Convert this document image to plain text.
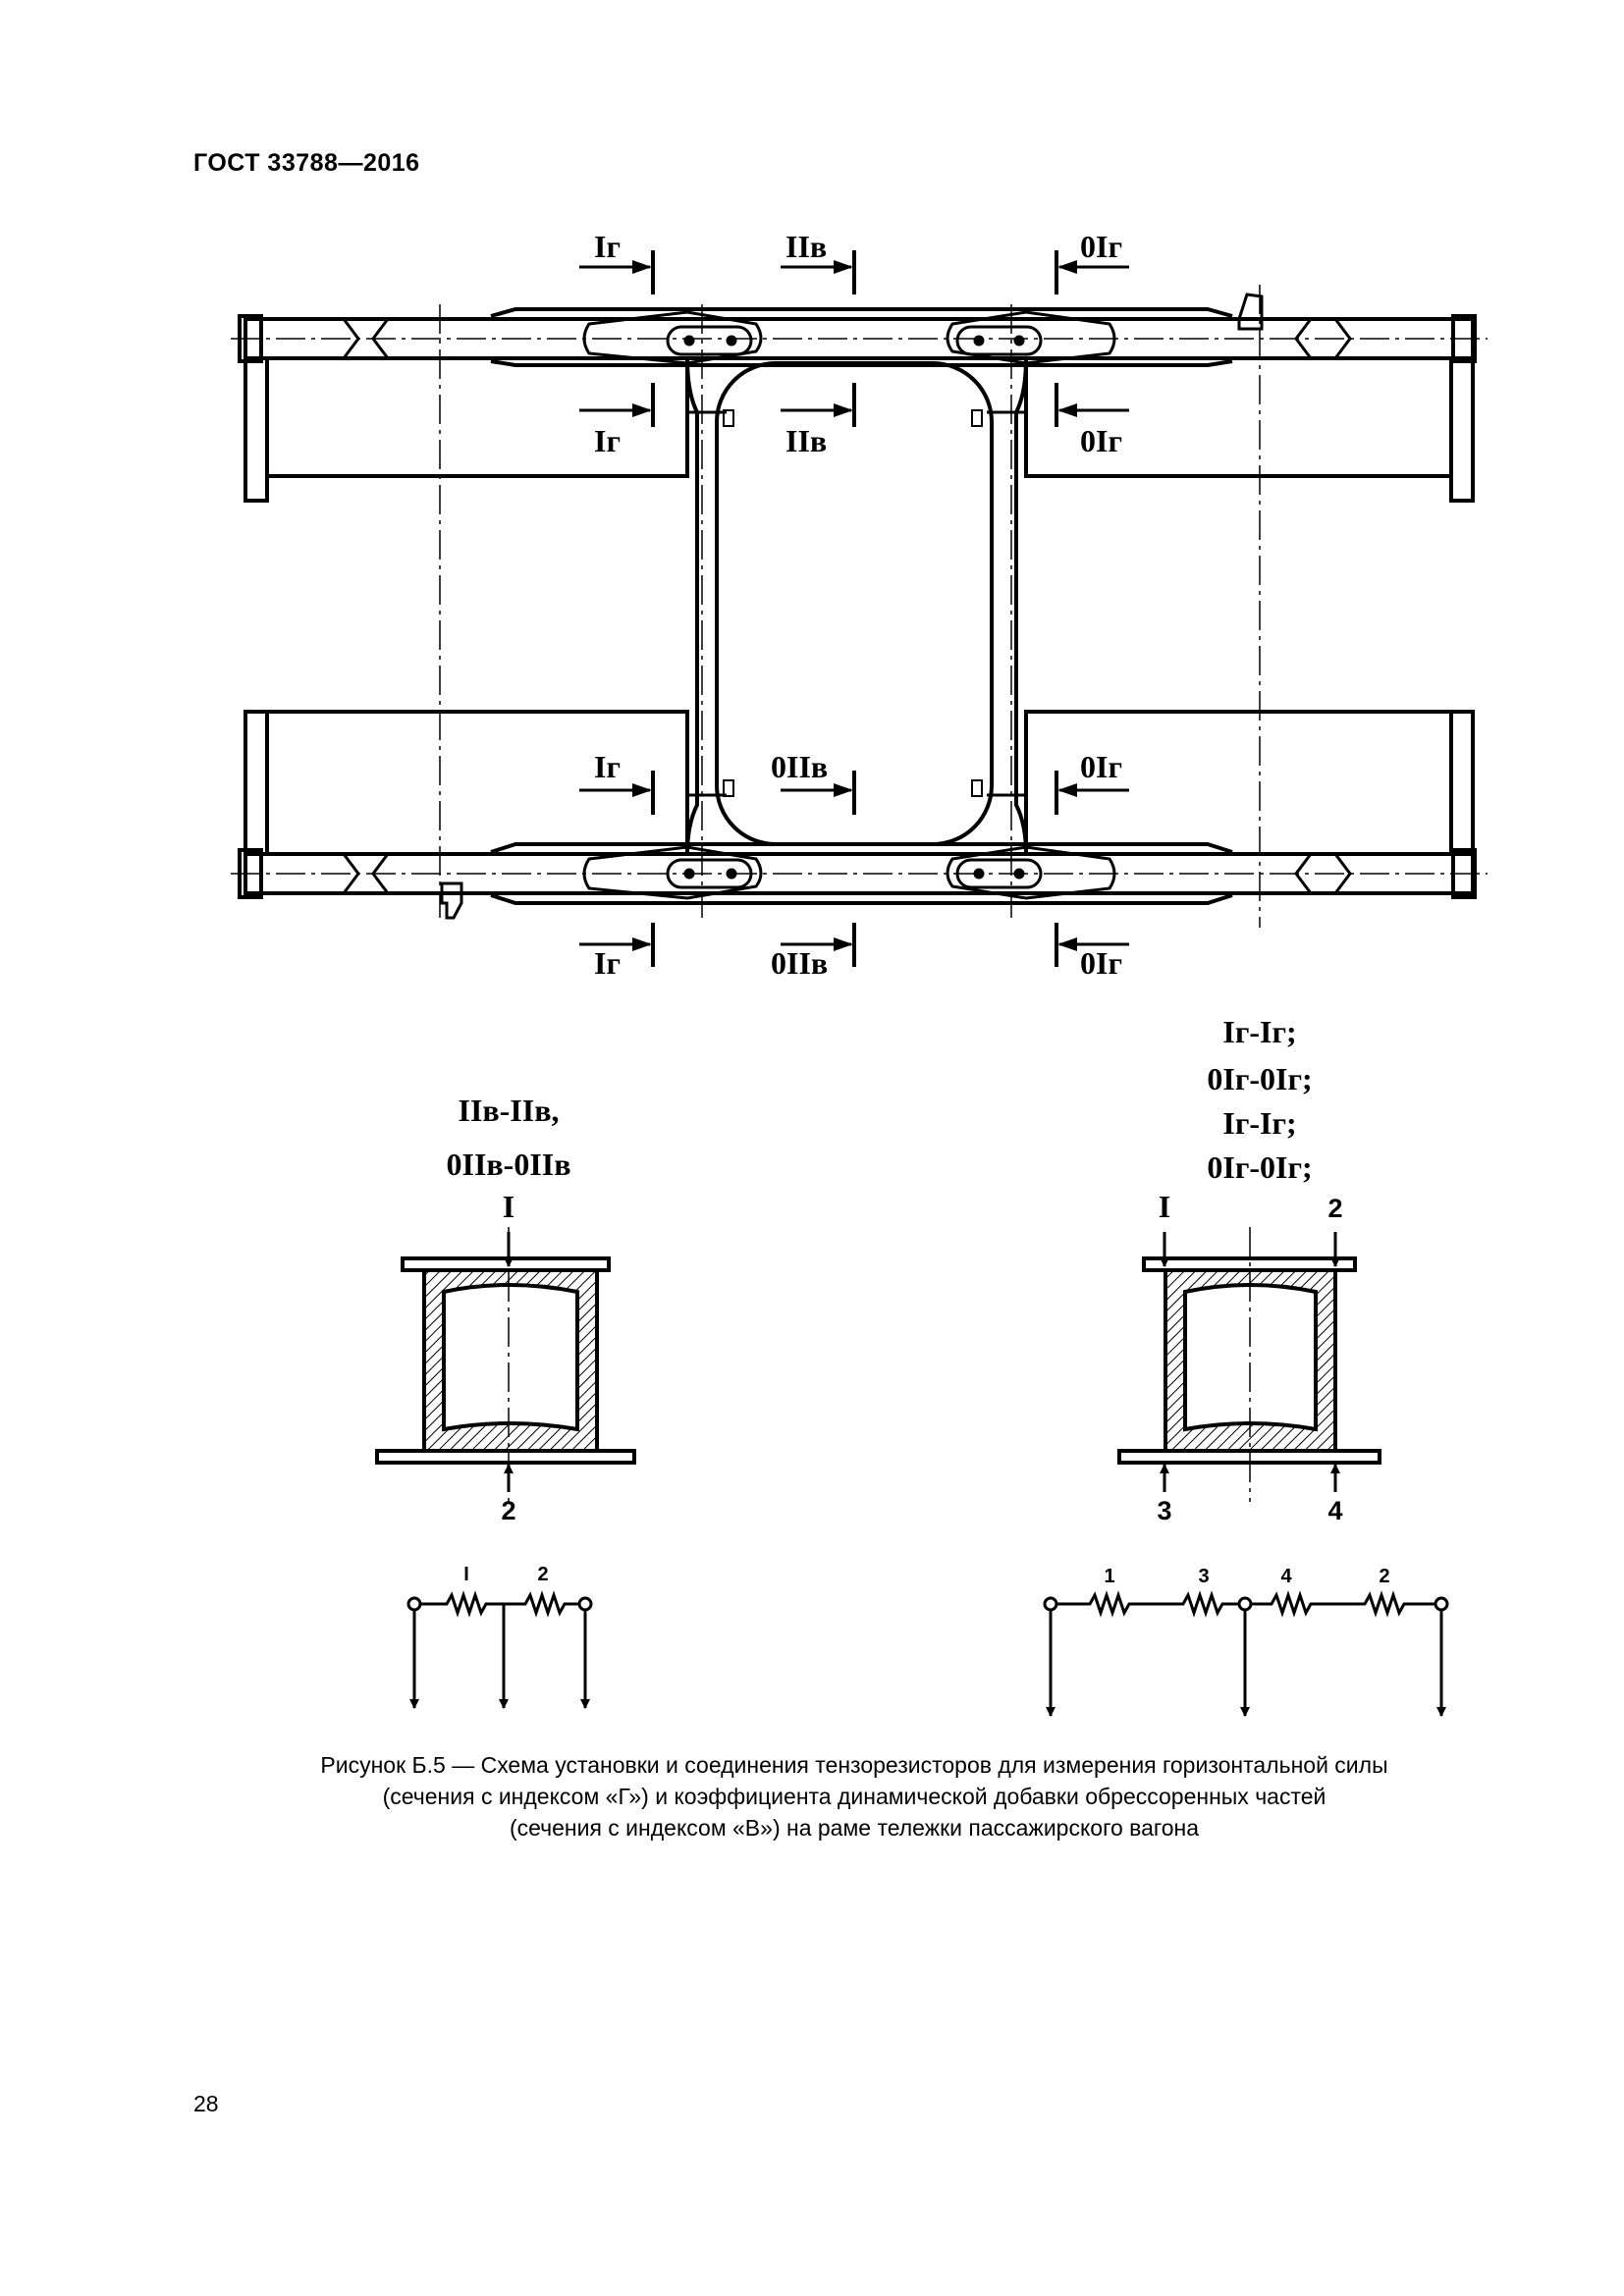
ГОСТ 33788—2016
Iг	IIв	0Iг
Iг	IIв	0Iг
Iг	0IIв	0Iг
Iг	0IIв	0Iг
IIв-IIв,
0IIв-0IIв
I
2
Iг-Iг;
0Iг-0Iг;
Iг-Iг;
0Iг-0Iг;
I	2
3	4
I	2	1	3	4	2
Рисунок Б.5 — Схема установки и соединения тензорезисторов для измерения горизонтальной силы
(сечения с индексом «Г») и коэффициента динамической добавки обрессоренных частей
(сечения с индексом «В») на раме тележки пассажирского вагона
28
